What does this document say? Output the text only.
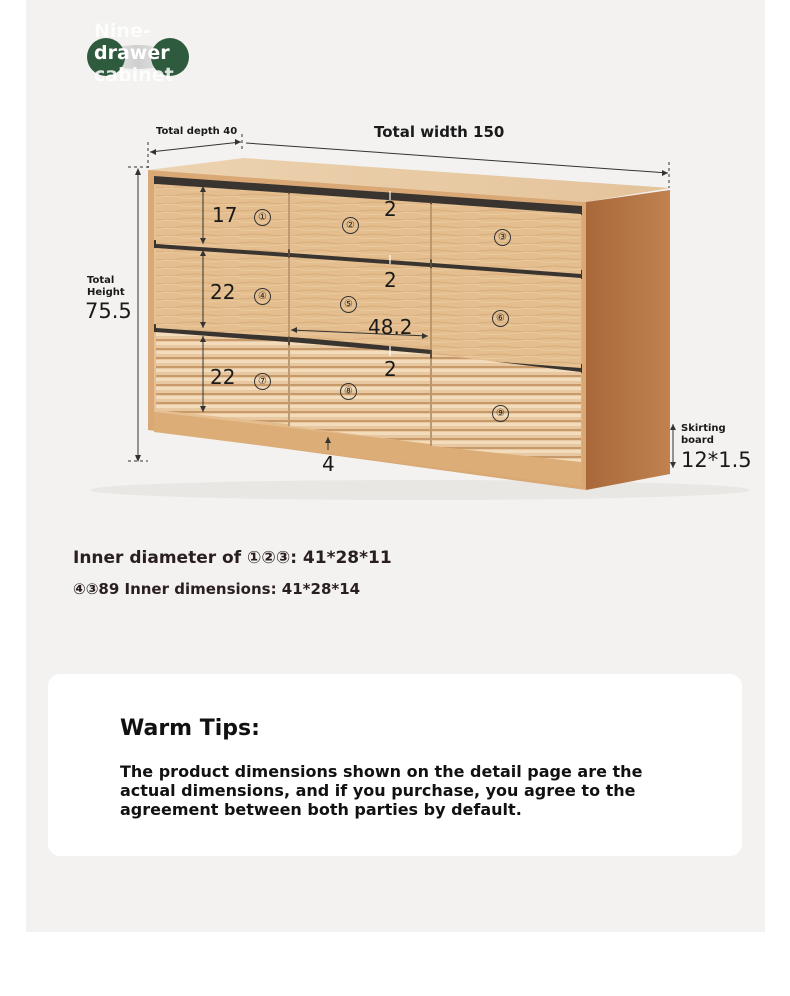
Nine-
drawer
cabinet
Total depth 40	Total width 150
Total
Height
75.5
Skirting
board
12*1.5
17
22
22
2
2
2
48.2
4
①
②
③
④
⑤
⑥
⑦
⑧
⑨
Inner diameter of ①②③: 41*28*11
④③89 Inner dimensions: 41*28*14
Warm Tips:
The product dimensions shown on the detail page are the actual dimensions, and if you purchase, you agree to the agreement between both parties by default.
